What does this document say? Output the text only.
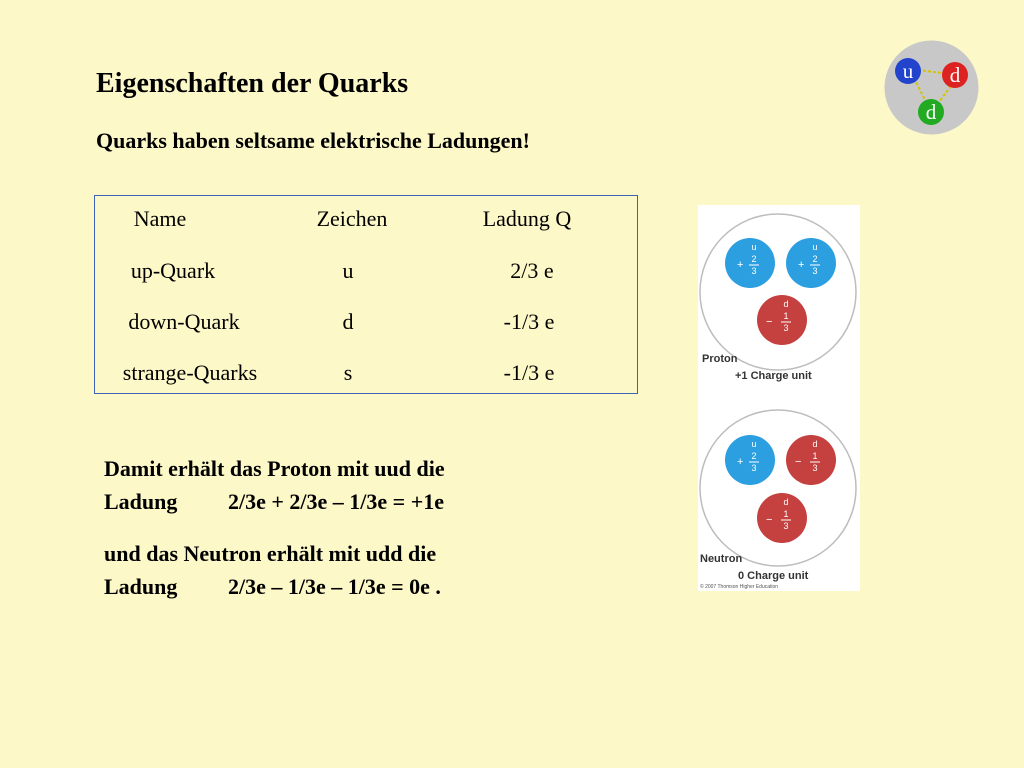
Eigenschaften der Quarks
Quarks haben seltsame elektrische Ladungen!
Name	Zeichen	Ladung Q
up-Quark	u	2/3 e
down-Quark	d	-1/3 e
strange-Quarks	s	-1/3 e
Damit erhält das Proton mit uud die
Ladung 2/3e + 2/3e – 1/3e = +1e
und das Neutron erhält mit udd die
Ladung 2/3e – 1/3e – 1/3e = 0e .
u d
d
+
u
2
3	+
u
2
3
−
d
1
3
Proton
+1 Charge unit
+
u
2
3	−
d
1
3
−
d
1
3
Neutron
0 Charge unit
© 2007 Thomson Higher Education
